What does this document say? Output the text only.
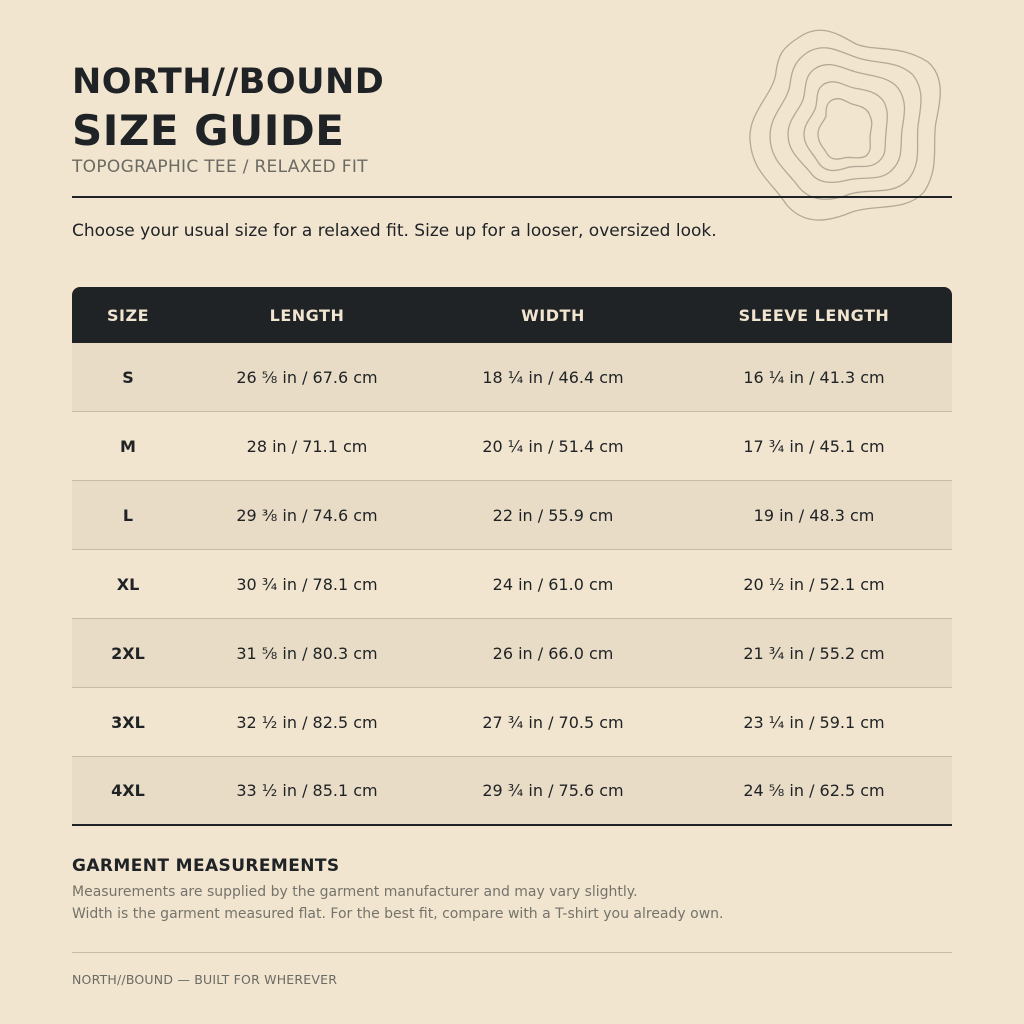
NORTH//BOUND
SIZE GUIDE
TOPOGRAPHIC TEE / RELAXED FIT

Choose your usual size for a relaxed fit. Size up for a looser, oversized look.

SIZE	LENGTH	WIDTH	SLEEVE LENGTH
S	26 ⅝ in / 67.6 cm	18 ¼ in / 46.4 cm	16 ¼ in / 41.3 cm
M	28 in / 71.1 cm	20 ¼ in / 51.4 cm	17 ¾ in / 45.1 cm
L	29 ⅜ in / 74.6 cm	22 in / 55.9 cm	19 in / 48.3 cm
XL	30 ¾ in / 78.1 cm	24 in / 61.0 cm	20 ½ in / 52.1 cm
2XL	31 ⅝ in / 80.3 cm	26 in / 66.0 cm	21 ¾ in / 55.2 cm
3XL	32 ½ in / 82.5 cm	27 ¾ in / 70.5 cm	23 ¼ in / 59.1 cm
4XL	33 ½ in / 85.1 cm	29 ¾ in / 75.6 cm	24 ⅝ in / 62.5 cm
GARMENT MEASUREMENTS
Measurements are supplied by the garment manufacturer and may vary slightly.
Width is the garment measured flat. For the best fit, compare with a T-shirt you already own.
NORTH//BOUND — BUILT FOR WHEREVER
